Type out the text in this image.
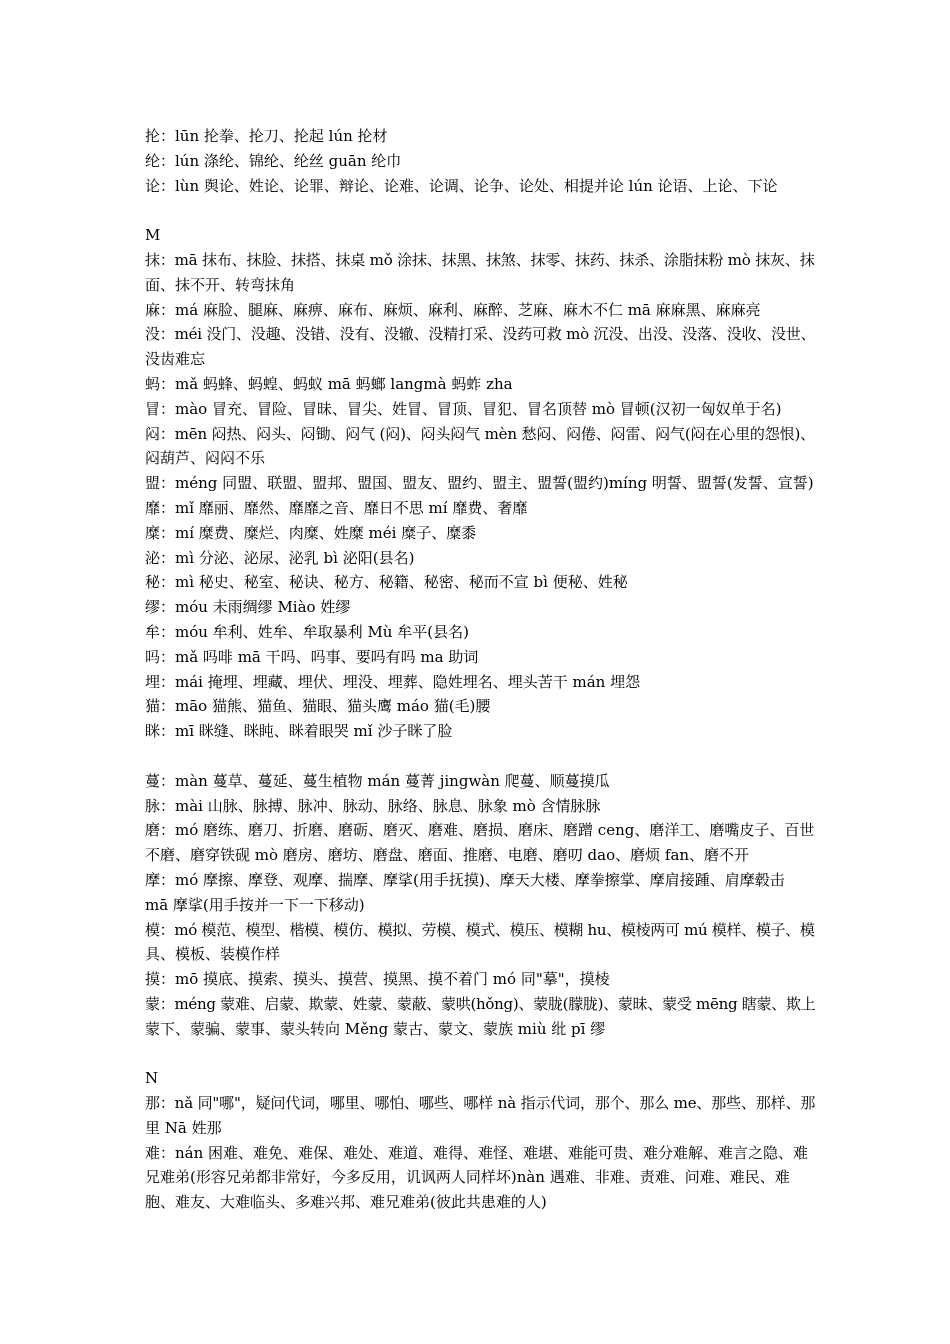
抡：lūn 抡拳、抡刀、抡起 lún 抡材
纶：lún 涤纶、锦纶、纶丝 guān 纶巾
论：lùn 舆论、姓论、论罪、辩论、论难、论调、论争、论处、相提并论 lún 论语、上论、下论
M
抹：mā 抹布、抹脸、抹搭、抹桌 mǒ 涂抹、抹黑、抹煞、抹零、抹药、抹杀、涂脂抹粉 mò 抹灰、抹
面、抹不开、转弯抹角
麻：má 麻脸、腿麻、麻痹、麻布、麻烦、麻利、麻醉、芝麻、麻木不仁 mā 麻麻黑、麻麻亮
没：méi 没门、没趣、没错、没有、没辙、没精打采、没药可救 mò 沉没、出没、没落、没收、没世、
没齿难忘
蚂：mǎ 蚂蜂、蚂蝗、蚂蚁 mā 蚂螂 langmà 蚂蚱 zha
冒：mào 冒充、冒险、冒昧、冒尖、姓冒、冒顶、冒犯、冒名顶替 mò 冒顿(汉初一匈奴单于名)
闷：mēn 闷热、闷头、闷锄、闷气 (闷)、闷头闷气 mèn 愁闷、闷倦、闷雷、闷气(闷在心里的怨恨)、
闷葫芦、闷闷不乐
盟：méng 同盟、联盟、盟邦、盟国、盟友、盟约、盟主、盟誓(盟约)míng 明誓、盟誓(发誓、宣誓)
靡：mǐ 靡丽、靡然、靡靡之音、靡日不思 mí 靡费、奢靡
糜：mí 糜费、糜烂、肉糜、姓糜 méi 糜子、糜黍
泌：mì 分泌、泌尿、泌乳 bì 泌阳(县名)
秘：mì 秘史、秘室、秘诀、秘方、秘籍、秘密、秘而不宣 bì 便秘、姓秘
缪：móu 未雨绸缪 Miào 姓缪
牟：móu 牟利、姓牟、牟取暴利 Mù 牟平(县名)
吗：mǎ 吗啡 mā 干吗、吗事、要吗有吗 ma 助词
埋：mái 掩埋、埋藏、埋伏、埋没、埋葬、隐姓埋名、埋头苦干 mán 埋怨
猫：māo 猫熊、猫鱼、猫眼、猫头鹰 máo 猫(毛)腰
眯：mī 眯缝、眯盹、眯着眼哭 mǐ 沙子眯了脸
蔓：màn 蔓草、蔓延、蔓生植物 mán 蔓菁 jingwàn 爬蔓、顺蔓摸瓜
脉：mài 山脉、脉搏、脉冲、脉动、脉络、脉息、脉象 mò 含情脉脉
磨：mó 磨练、磨刀、折磨、磨砺、磨灭、磨难、磨损、磨床、磨蹭 ceng、磨洋工、磨嘴皮子、百世
不磨、磨穿铁砚 mò 磨房、磨坊、磨盘、磨面、推磨、电磨、磨叨 dao、磨烦 fan、磨不开
摩：mó 摩擦、摩登、观摩、揣摩、摩挲(用手抚摸)、摩天大楼、摩拳擦掌、摩肩接踵、肩摩毂击
mā 摩挲(用手按并一下一下移动)
模：mó 模范、模型、楷模、模仿、模拟、劳模、模式、模压、模糊 hu、模棱两可 mú 模样、模子、模
具、模板、装模作样
摸：mō 摸底、摸索、摸头、摸营、摸黑、摸不着门 mó 同"摹"，摸棱
蒙：méng 蒙难、启蒙、欺蒙、姓蒙、蒙蔽、蒙哄(hǒng)、蒙胧(朦胧)、蒙昧、蒙受 mēng 瞎蒙、欺上
蒙下、蒙骗、蒙事、蒙头转向 Měng 蒙古、蒙文、蒙族 miù 纰 pī 缪
N
那：nǎ 同"哪"，疑问代词，哪里、哪怕、哪些、哪样 nà 指示代词，那个、那么 me、那些、那样、那
里 Nā 姓那
难：nán 困难、难免、难保、难处、难道、难得、难怪、难堪、难能可贵、难分难解、难言之隐、难
兄难弟(形容兄弟都非常好，今多反用，讥讽两人同样坏)nàn 遇难、非难、责难、问难、难民、难
胞、难友、大难临头、多难兴邦、难兄难弟(彼此共患难的人)
